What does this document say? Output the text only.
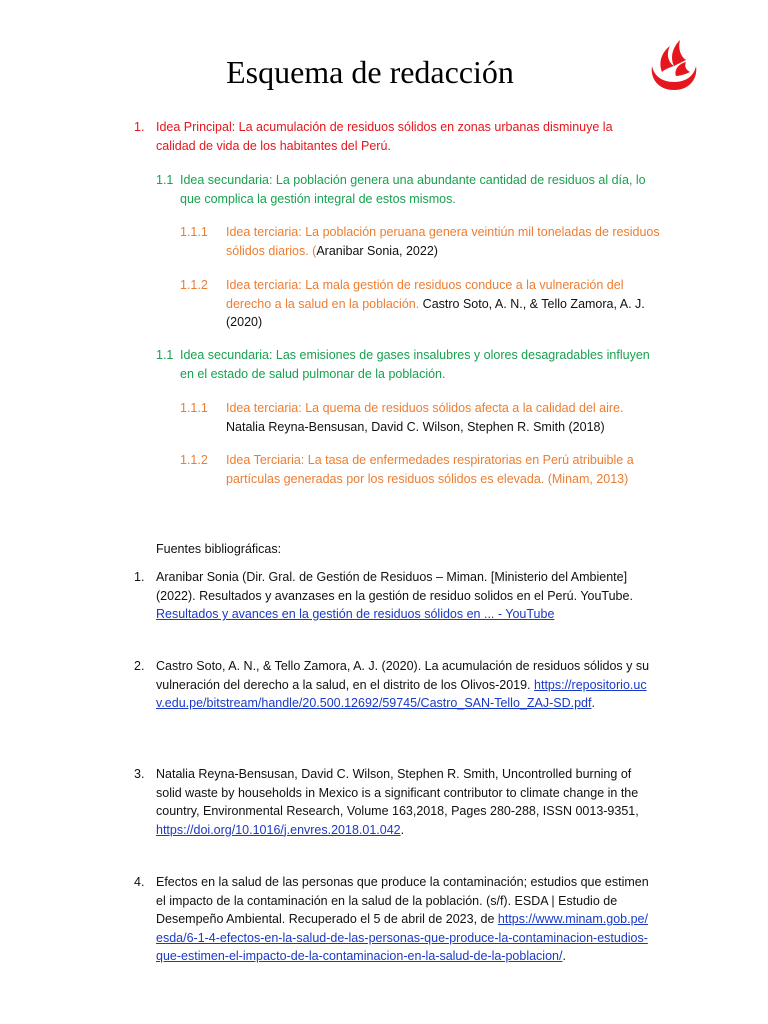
Esquema de redacción
1. Idea Principal: La acumulación de residuos sólidos en zonas urbanas disminuye la calidad de vida de los habitantes del Perú.
1.1 Idea secundaria: La población genera una abundante cantidad de residuos al día, lo que complica la gestión integral de estos mismos.
1.1.1 Idea terciaria: La población peruana genera veintiún mil toneladas de residuos sólidos diarios. (Aranibar Sonia, 2022)
1.1.2 Idea terciaria: La mala gestión de residuos conduce a la vulneración del derecho a la salud en la población. Castro Soto, A. N., & Tello Zamora, A. J. (2020)
1.1 Idea secundaria: Las emisiones de gases insalubres y olores desagradables influyen en el estado de salud pulmonar de la población.
1.1.1 Idea terciaria: La quema de residuos sólidos afecta a la calidad del aire.
Natalia Reyna-Bensusan, David C. Wilson, Stephen R. Smith (2018)
1.1.2 Idea Terciaria: La tasa de enfermedades respiratorias en Perú atribuible a partículas generadas por los residuos sólidos es elevada. (Minam, 2013)
Fuentes bibliográficas:
1. Aranibar Sonia (Dir. Gral. de Gestión de Residuos – Miman. [Ministerio del Ambiente] (2022). Resultados y avanzases en la gestión de residuo solidos en el Perú. YouTube. Resultados y avances en la gestión de residuos sólidos en ... - YouTube
2. Castro Soto, A. N., & Tello Zamora, A. J. (2020). La acumulación de residuos sólidos y su vulneración del derecho a la salud, en el distrito de los Olivos-2019. https://repositorio.ucv.edu.pe/bitstream/handle/20.500.12692/59745/Castro_SAN-Tello_ZAJ-SD.pdf.
3. Natalia Reyna-Bensusan, David C. Wilson, Stephen R. Smith, Uncontrolled burning of solid waste by households in Mexico is a significant contributor to climate change in the country, Environmental Research, Volume 163,2018, Pages 280-288, ISSN 0013-9351, https://doi.org/10.1016/j.envres.2018.01.042.
4. Efectos en la salud de las personas que produce la contaminación; estudios que estimen el impacto de la contaminación en la salud de la población. (s/f). ESDA | Estudio de Desempeño Ambiental. Recuperado el 5 de abril de 2023, de https://www.minam.gob.pe/esda/6-1-4-efectos-en-la-salud-de-las-personas-que-produce-la-contaminacion-estudios-que-estimen-el-impacto-de-la-contaminacion-en-la-salud-de-la-poblacion/.
